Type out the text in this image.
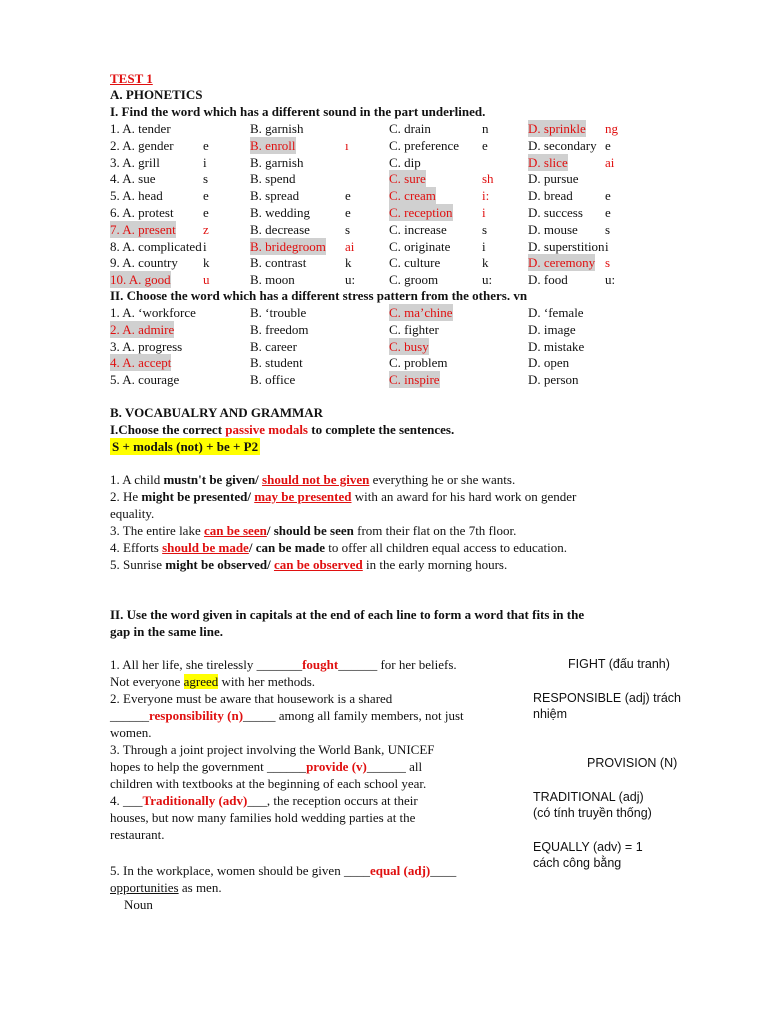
TEST 1
A. PHONETICS
I. Find the word which has a different sound in the part underlined.
1. A. tender	B. garnish	C. drain	n	D. sprinkle ng
2. A. gender e	B. enroll	ı	C. preference e	D. secondary e
3. A. grill	i	B. garnish	C. dip	D. slice	ai
4. A. sue	s	B. spend	C. sure	sh	D. pursue
5. A. head	e	B. spread	e	C. cream	i:	D. bread e
6. A. protest e	B. wedding	e	C. reception i	D. success e
7. A. present z	B. decrease	s	C. increase	s	D. mouse s
8. A. complicated i	B. bridegroom ai	C. originate i	D. superstition i
9. A. country k	B. contrast	k	C. culture	k	D. ceremony s
10. A. good u	B. moon	u:	C. groom	u:	D. food	u:
II. Choose the word which has a different stress pattern from the others. vn
1. A. ‘workforce	B. ‘trouble	C. ma’chine	D. ‘female
2. A. admire	B. freedom	C. fighter	D. image
3. A. progress	B. career	C. busy	D. mistake
4. A. accept	B. student	C. problem	D. open
5. A. courage	B. office	C. inspire	D. person
B. VOCABUALRY AND GRAMMAR
I.Choose the correct passive modals to complete the sentences.
S + modals (not) + be + P2
1. A child mustn't be given/ should not be given everything he or she wants.
2. He might be presented/ may be presented with an award for his hard work on gender
3. The entire lake can be seen/ should be seen from their flat on the 7th floor.
4. Efforts should be made/ can be made to offer all children equal access to education.
5. Sunrise might be observed/ can be observed in the early morning hours.
equality.
II. Use the word given in capitals at the end of each line to form a word that fits in the
gap in the same line.
1. All her life, she tirelessly _______fought______ for her beliefs.
Not everyone agreed with her methods.
2. Everyone must be aware that housework is a shared
______responsibility (n)_____ among all family members, not just
women.
3. Through a joint project involving the World Bank, UNICEF
hopes to help the government ______provide (v)______ all
children with textbooks at the beginning of each school year.
4. ___Traditionally (adv)___, the reception occurs at their
houses, but now many families hold wedding parties at the
restaurant.
5. In the workplace, women should be given ____equal (adj)____
opportunities as men.
Noun
FIGHT (đấu tranh)
RESPONSIBLE (adj) trách
nhiệm
PROVISION (N)
TRADITIONAL (adj)
(có tính truyền thống)
EQUALLY (adv) = 1
cách công bằng
